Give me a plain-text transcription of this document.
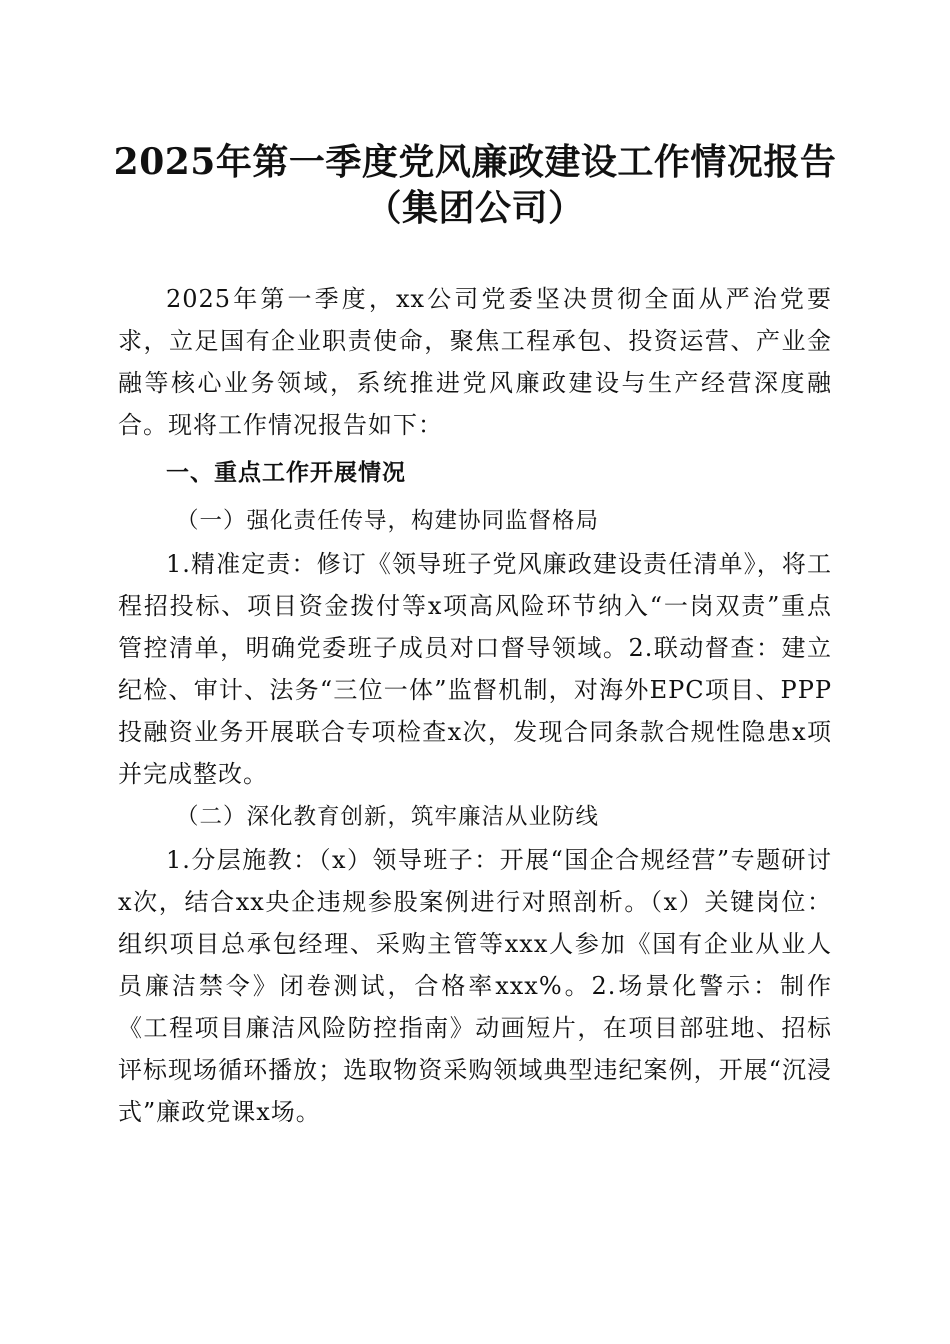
2025年第一季度党风廉政建设工作情况报告
（集团公司）

2025年第一季度，xx公司党委坚决贯彻全面从严治党要求，立足国有企业职责使命，聚焦工程承包、投资运营、产业金融等核心业务领域，系统推进党风廉政建设与生产经营深度融合。现将工作情况报告如下：

一、重点工作开展情况

（一）强化责任传导，构建协同监督格局

1.精准定责：修订《领导班子党风廉政建设责任清单》，将工程招投标、项目资金拨付等x项高风险环节纳入“一岗双责”重点管控清单，明确党委班子成员对口督导领域。2.联动督查：建立纪检、审计、法务“三位一体”监督机制，对海外EPC项目、PPP投融资业务开展联合专项检查x次，发现合同条款合规性隐患x项并完成整改。

（二）深化教育创新，筑牢廉洁从业防线

1.分层施教：（x）领导班子：开展“国企合规经营”专题研讨x次，结合xx央企违规参股案例进行对照剖析。（x）关键岗位：组织项目总承包经理、采购主管等xxx人参加《国有企业从业人员廉洁禁令》闭卷测试，合格率xxx%。2.场景化警示：制作《工程项目廉洁风险防控指南》动画短片，在项目部驻地、招标评标现场循环播放；选取物资采购领域典型违纪案例，开展“沉浸式”廉政党课x场。
